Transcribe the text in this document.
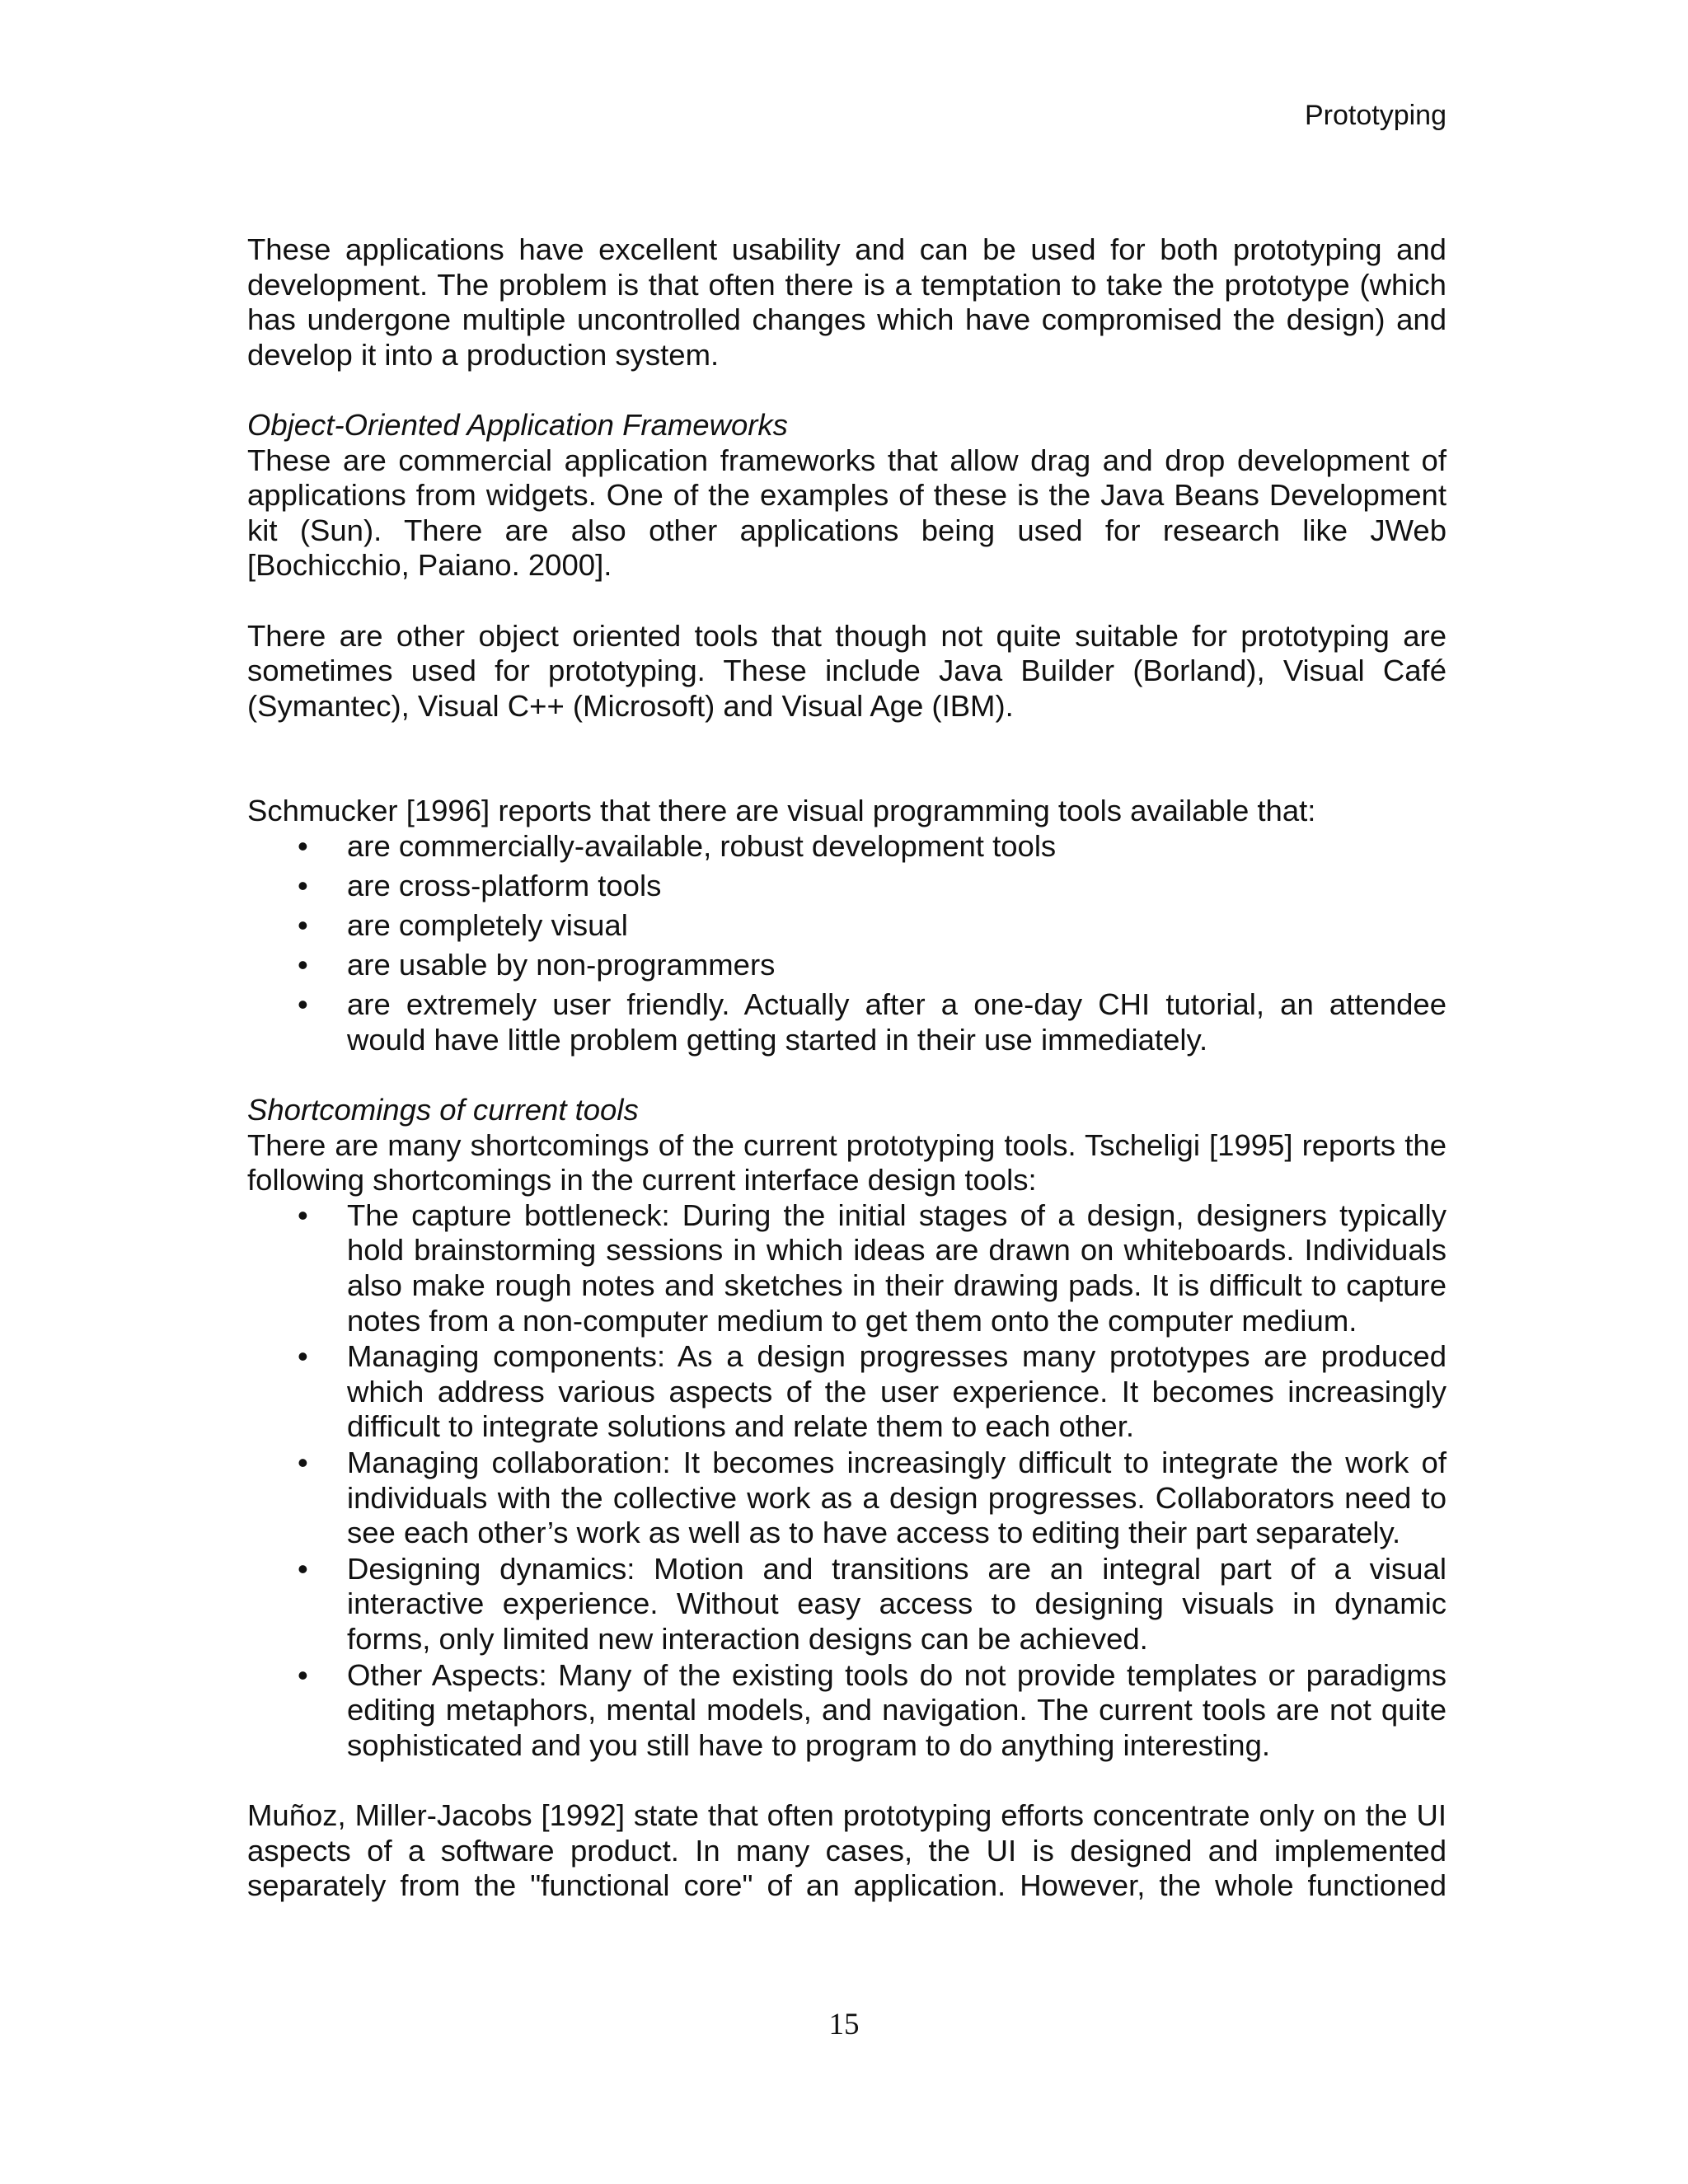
Prototyping

These applications have excellent usability and can be used for both prototyping and development. The problem is that often there is a temptation to take the prototype (which has undergone multiple uncontrolled changes which have compromised the design) and develop it into a production system.

Object-Oriented Application Frameworks

These are commercial application frameworks that allow drag and drop development of applications from widgets. One of the examples of these is the Java Beans Development kit (Sun). There are also other applications being used for research like JWeb [Bochicchio, Paiano. 2000].

There are other object oriented tools that though not quite suitable for prototyping are sometimes used for prototyping. These include Java Builder (Borland), Visual Café (Symantec), Visual C++ (Microsoft) and Visual Age (IBM).

Schmucker [1996] reports that there are visual programming tools available that:

• are commercially-available, robust development tools
• are cross-platform tools
• are completely visual
• are usable by non-programmers
• are extremely user friendly. Actually after a one-day CHI tutorial, an attendee would have little problem getting started in their use immediately.

Shortcomings of current tools

There are many shortcomings of the current prototyping tools. Tscheligi [1995] reports the following shortcomings in the current interface design tools:

• The capture bottleneck: During the initial stages of a design, designers typically hold brainstorming sessions in which ideas are drawn on whiteboards. Individuals also make rough notes and sketches in their drawing pads. It is difficult to capture notes from a non-computer medium to get them onto the computer medium.
• Managing components: As a design progresses many prototypes are produced which address various aspects of the user experience. It becomes increasingly difficult to integrate solutions and relate them to each other.
• Managing collaboration: It becomes increasingly difficult to integrate the work of individuals with the collective work as a design progresses. Collaborators need to see each other’s work as well as to have access to editing their part separately.
• Designing dynamics: Motion and transitions are an integral part of a visual interactive experience. Without easy access to designing visuals in dynamic forms, only limited new interaction designs can be achieved.
• Other Aspects: Many of the existing tools do not provide templates or paradigms editing metaphors, mental models, and navigation. The current tools are not quite sophisticated and you still have to program to do anything interesting.

Muñoz, Miller-Jacobs [1992] state that often prototyping efforts concentrate only on the UI aspects of a software product. In many cases, the UI is designed and implemented separately from the "functional core" of an application. However, the whole functioned

15
